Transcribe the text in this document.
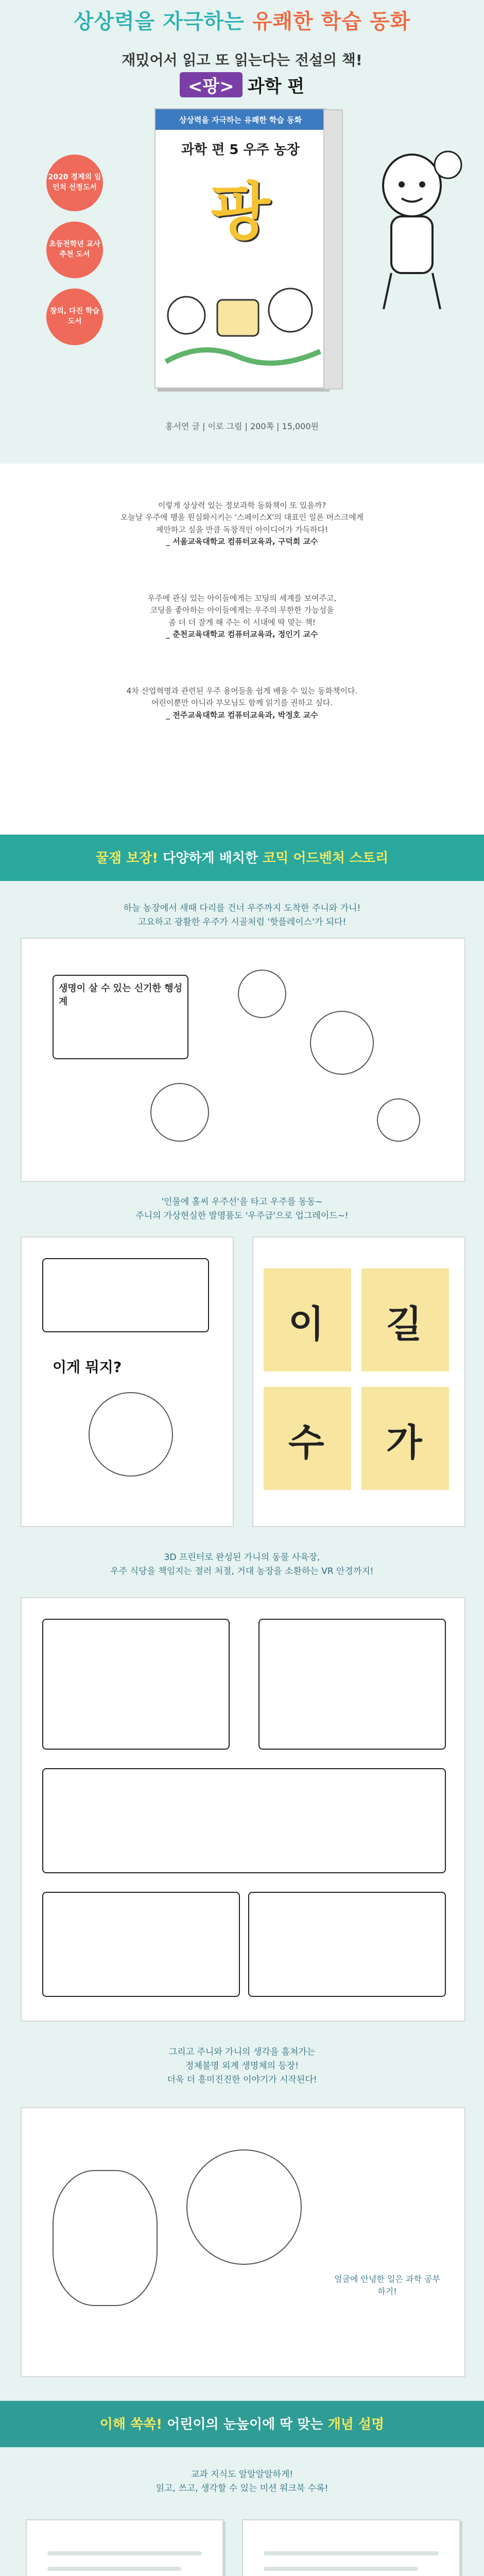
상상력을 자극하는 유쾌한 학습 동화
재밌어서 읽고 또 읽는다는 전설의 책!
<팡> 과학 편
2020 경제의 일인치 선정도서
초등전학년 교사 추천 도서
창의, 다진 학습 도서
상상력을 자극하는 유쾌한 학습 동화
과학 편 5 우주 농장
팡
홍서연 글 | 이로 그림 | 200쪽 | 15,000원
이렇게 상상력 있는 정보과학 동화책이 또 있을까?
오늘날 우주에 행을 원심화시키는 '스페이스X'의 대표인 일론 머스크에게
제안하고 싶을 만큼 독창적인 아이디어가 가득하다!
_ 서울교육대학교 컴퓨터교육과, 구덕회 교수
우주에 관심 있는 아이들에게는 꼬딩의 세계를 보여주고,
코딩을 좋아하는 아이들에게는 우주의 무한한 가능성을
좀 더 더 잘게 해 주는 이 시대에 딱 맞는 책!
_ 춘천교육대학교 컴퓨터교육과, 정인기 교수
4차 산업혁명과 관련된 우주 용어들을 쉽게 배울 수 있는 동화책이다.
어린이뿐만 아니라 부모님도 함께 읽기를 권하고 싶다.
_ 전주교육대학교 컴퓨터교육과, 박정호 교수
꿀잼 보장! 다양하게 배치한 코믹 어드벤처 스토리
하늘 농장에서 새때 다리를 건너 우주까지 도착한 주니와 가니!
고요하고 광활한 우주가 시골처럼 '핫플레이스'가 되다!
생명이 살 수 있는 신기한 행성계
'인물에 홀씨 우주선'을 타고 우주를 동동~
주니의 가상현실한 발명품도 '우주급'으로 업그레이드~!
이게 뭐지?
이 길
수 가
3D 프린터로 완성된 가니의 동물 사육장,
우주 식당을 책임지는 절러 처절, 거대 농장을 소환하는 VR 안경까지!
그리고 주니와 가니의 생각을 흠쳐가는
정체불명 외계 생명체의 등장!
더욱 더 흥미진진한 이야기가 시작된다!
얼굴에 안녕한 일은 과학 공부하기!
이해 쏙쏙! 어린이의 눈높이에 딱 맞는 개념 설명
교과 지식도 알알알알하게!
읽고, 쓰고, 생각할 수 있는 미션 워크북 수록!
